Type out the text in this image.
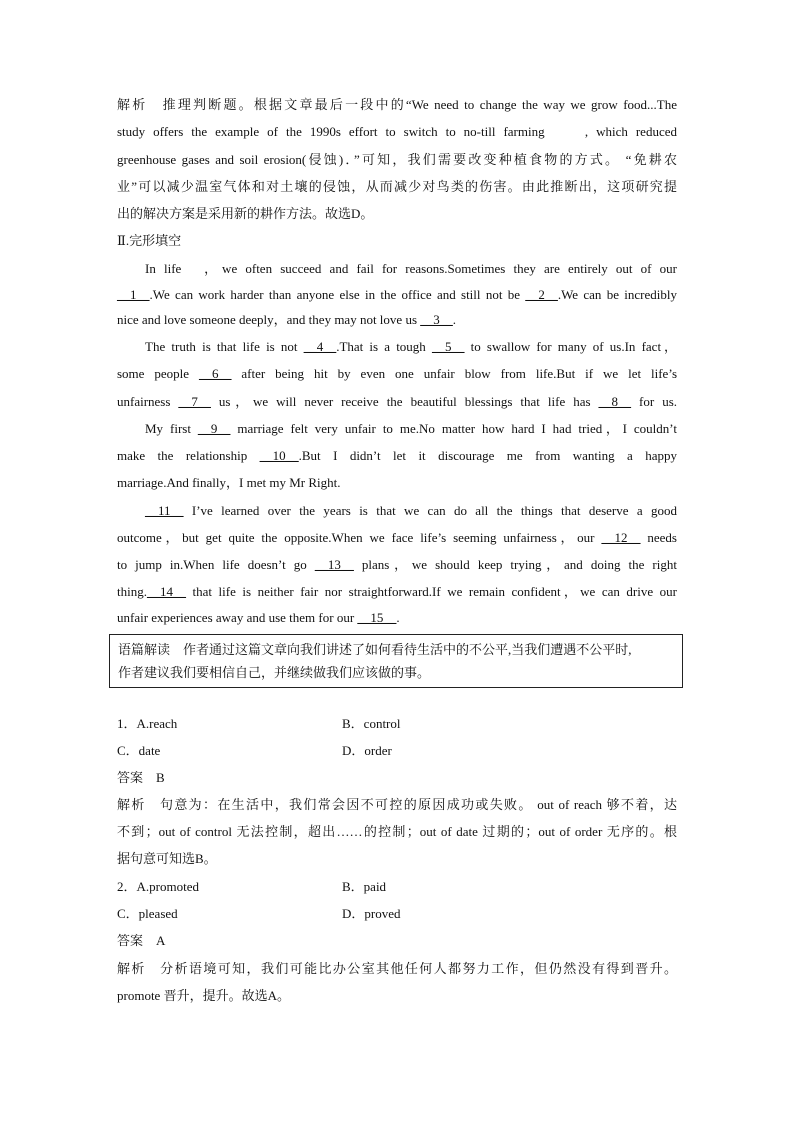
解析　推理判断题。根据文章最后一段中的“We need to change the way we grow food...The
study offers the example of the 1990s effort to switch to no-till farming　　, which reduced
greenhouse gases and soil erosion(侵蚀)．”可知，我们需要改变种植食物的方式。 “免耕农
业”可以减少温室气体和对土壤的侵蚀，从而减少对鸟类的伤害。由此推断出，这项研究提
出的解决方案是采用新的耕作方法。故选D。
Ⅱ.完形填空
In life　，we often succeed and fail for reasons.Sometimes they are entirely out of our
__1__.We can work harder than anyone else in the office and still not be __2__.We can be incredibly
nice and love someone deeply，and they may not love us __3__.
The truth is that life is not __4__.That is a tough __5__ to swallow for many of us.In fact，
some people __6__ after being hit by even one unfair blow from life.But if we let life’s
unfairness __7__ us，we will never receive the beautiful blessings that life has __8__ for us.
My first __9__ marriage felt very unfair to me.No matter how hard I had tried，I couldn’t
make the relationship __10__.But I didn’t let it discourage me from wanting a happy
marriage.And finally，I met my Mr Right.
__11__ I’ve learned over the years is that we can do all the things that deserve a good
outcome，but get quite the opposite.When we face life’s seeming unfairness，our __12__ needs
to jump in.When life doesn’t go __13__ plans，we should keep trying，and doing the right
thing.__14__ that life is neither fair nor straightforward.If we remain confident，we can drive our
unfair experiences away and use them for our __15__.
语篇解读　作者通过这篇文章向我们讲述了如何看待生活中的不公平,当我们遭遇不公平时,
作者建议我们要相信自己，并继续做我们应该做的事。
1．A.reach	B．control
C．date	D．order
答案　B
解析　句意为：在生活中，我们常会因不可控的原因成功或失败。 out of reach 够不着，达
不到；out of control 无法控制，超出……的控制；out of date 过期的；out of order 无序的。根
据句意可知选B。
2．A.promoted	B．paid
C．pleased	D．proved
答案　A
解析　分析语境可知，我们可能比办公室其他任何人都努力工作，但仍然没有得到晋升。
promote 晋升，提升。故选A。
